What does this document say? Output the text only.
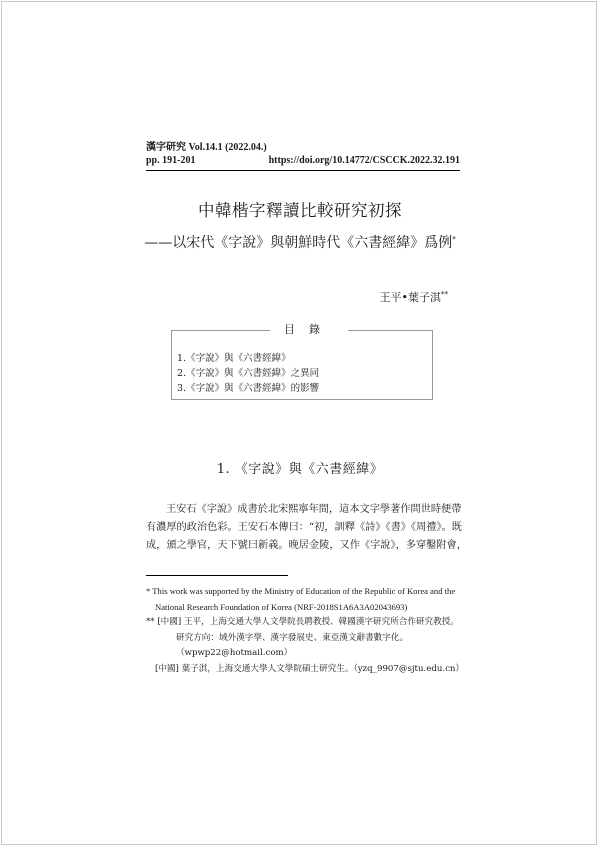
漢字研究 Vol.14.1 (2022.04.)
pp. 191-201	https://doi.org/10.14772/CSCCK.2022.32.191
中韓楷字釋讀比較研究初探
——以宋代《字說》與朝鮮時代《六書經緯》爲例*
王平•葉子淇**
目錄
1.《字說》與《六書經緯》
2.《字說》與《六書經緯》之異同
3.《字說》與《六書經緯》的影響
1. 《字說》與《六書經緯》
王安石《字說》成書於北宋熙寧年間，這本文字學著作問世時便帶
有濃厚的政治色彩。王安石本傳曰：“初，訓釋《詩》《書》《周禮》。既
成，頒之學官，天下號曰新義。晚居金陵，又作《字說》，多穿鑿附會，
* This work was supported by the Ministry of Education of the Republic of Korea and the
National Research Foundation of Korea (NRF-2018S1A6A3A02043693)
** [中國] 王平，上海交通大學人文學院長聘教授、韓國漢字研究所合作研究教授。
研究方向：域外漢字學、漢字發展史、東亞漢文辭書數字化。
（wpwp22@hotmail.com）
[中國] 葉子淇，上海交通大學人文學院碩士研究生。（yzq_9907@sjtu.edu.cn）
